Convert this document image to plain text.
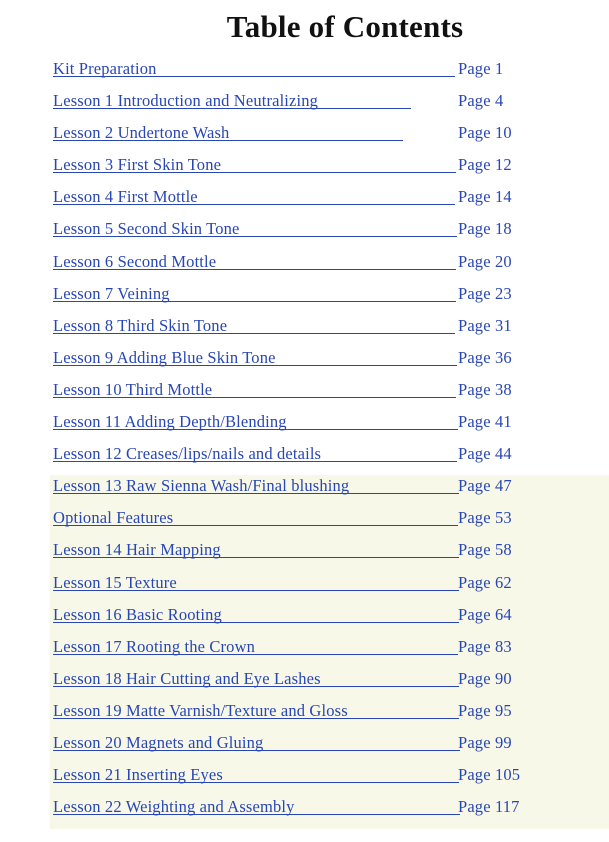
Table of Contents
Kit Preparation	Page 1
Lesson 1 Introduction and Neutralizing	Page 4
Lesson 2 Undertone Wash	Page 10
Lesson 3 First Skin Tone	Page 12
Lesson 4 First Mottle	Page 14
Lesson 5 Second Skin Tone	Page 18
Lesson 6 Second Mottle	Page 20
Lesson 7 Veining	Page 23
Lesson 8 Third Skin Tone	Page 31
Lesson 9 Adding Blue Skin Tone	Page 36
Lesson 10 Third Mottle	Page 38
Lesson 11 Adding Depth/Blending	Page 41
Lesson 12 Creases/lips/nails and details	Page 44
Lesson 13 Raw Sienna Wash/Final blushing	Page 47
Optional Features	Page 53
Lesson 14 Hair Mapping	Page 58
Lesson 15 Texture	Page 62
Lesson 16 Basic Rooting	Page 64
Lesson 17 Rooting the Crown	Page 83
Lesson 18 Hair Cutting and Eye Lashes	Page 90
Lesson 19 Matte Varnish/Texture and Gloss	Page 95
Lesson 20 Magnets and Gluing	Page 99
Lesson 21 Inserting Eyes	Page 105
Lesson 22 Weighting and Assembly	Page 117
